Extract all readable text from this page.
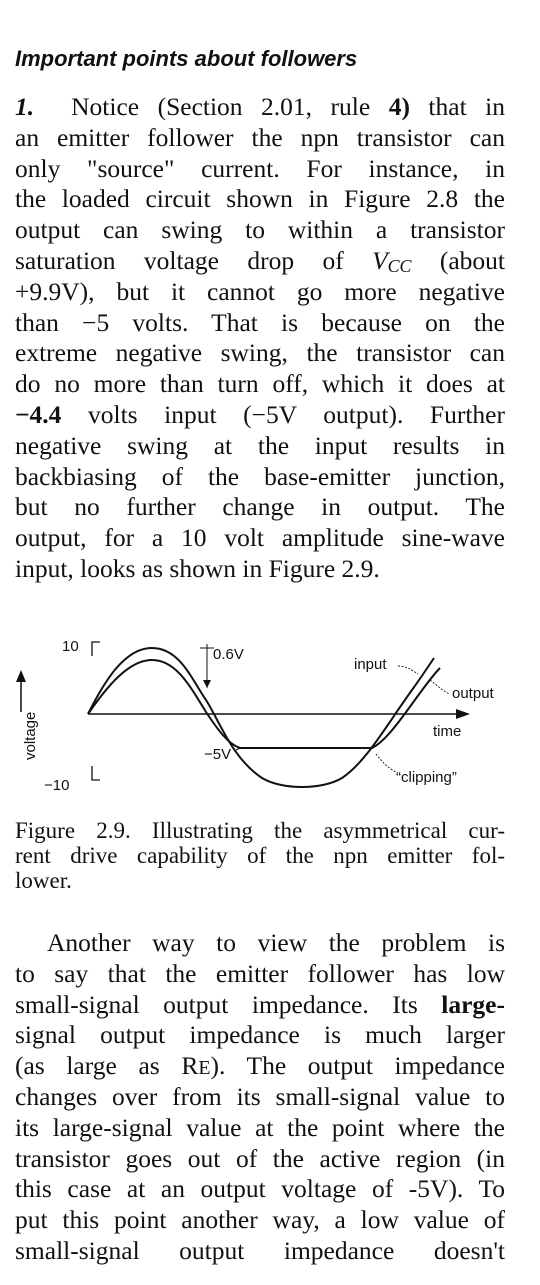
Important points about followers
1. Notice (Section 2.01, rule 4) that in
an emitter follower the npn transistor can
only "source" current. For instance, in
the loaded circuit shown in Figure 2.8 the
output can swing to within a transistor
saturation voltage drop of VCC (about
+9.9V), but it cannot go more negative
than −5 volts. That is because on the
extreme negative swing, the transistor can
do no more than turn off, which it does at
−4.4 volts input (−5V output). Further
negative swing at the input results in
backbiasing of the base-emitter junction,
but no further change in output. The
output, for a 10 volt amplitude sine-wave
input, looks as shown in Figure 2.9.
10
−10
voltage	time
0.6V
−5V
input
output
“clipping”
Figure 2.9. Illustrating the asymmetrical cur-
rent drive capability of the npn emitter fol-
lower.
Another way to view the problem is
to say that the emitter follower has low
small-signal output impedance. Its large-
signal output impedance is much larger
(as large as RE). The output impedance
changes over from its small-signal value to
its large-signal value at the point where the
transistor goes out of the active region (in
this case at an output voltage of -5V). To
put this point another way, a low value of
small-signal output impedance doesn't
